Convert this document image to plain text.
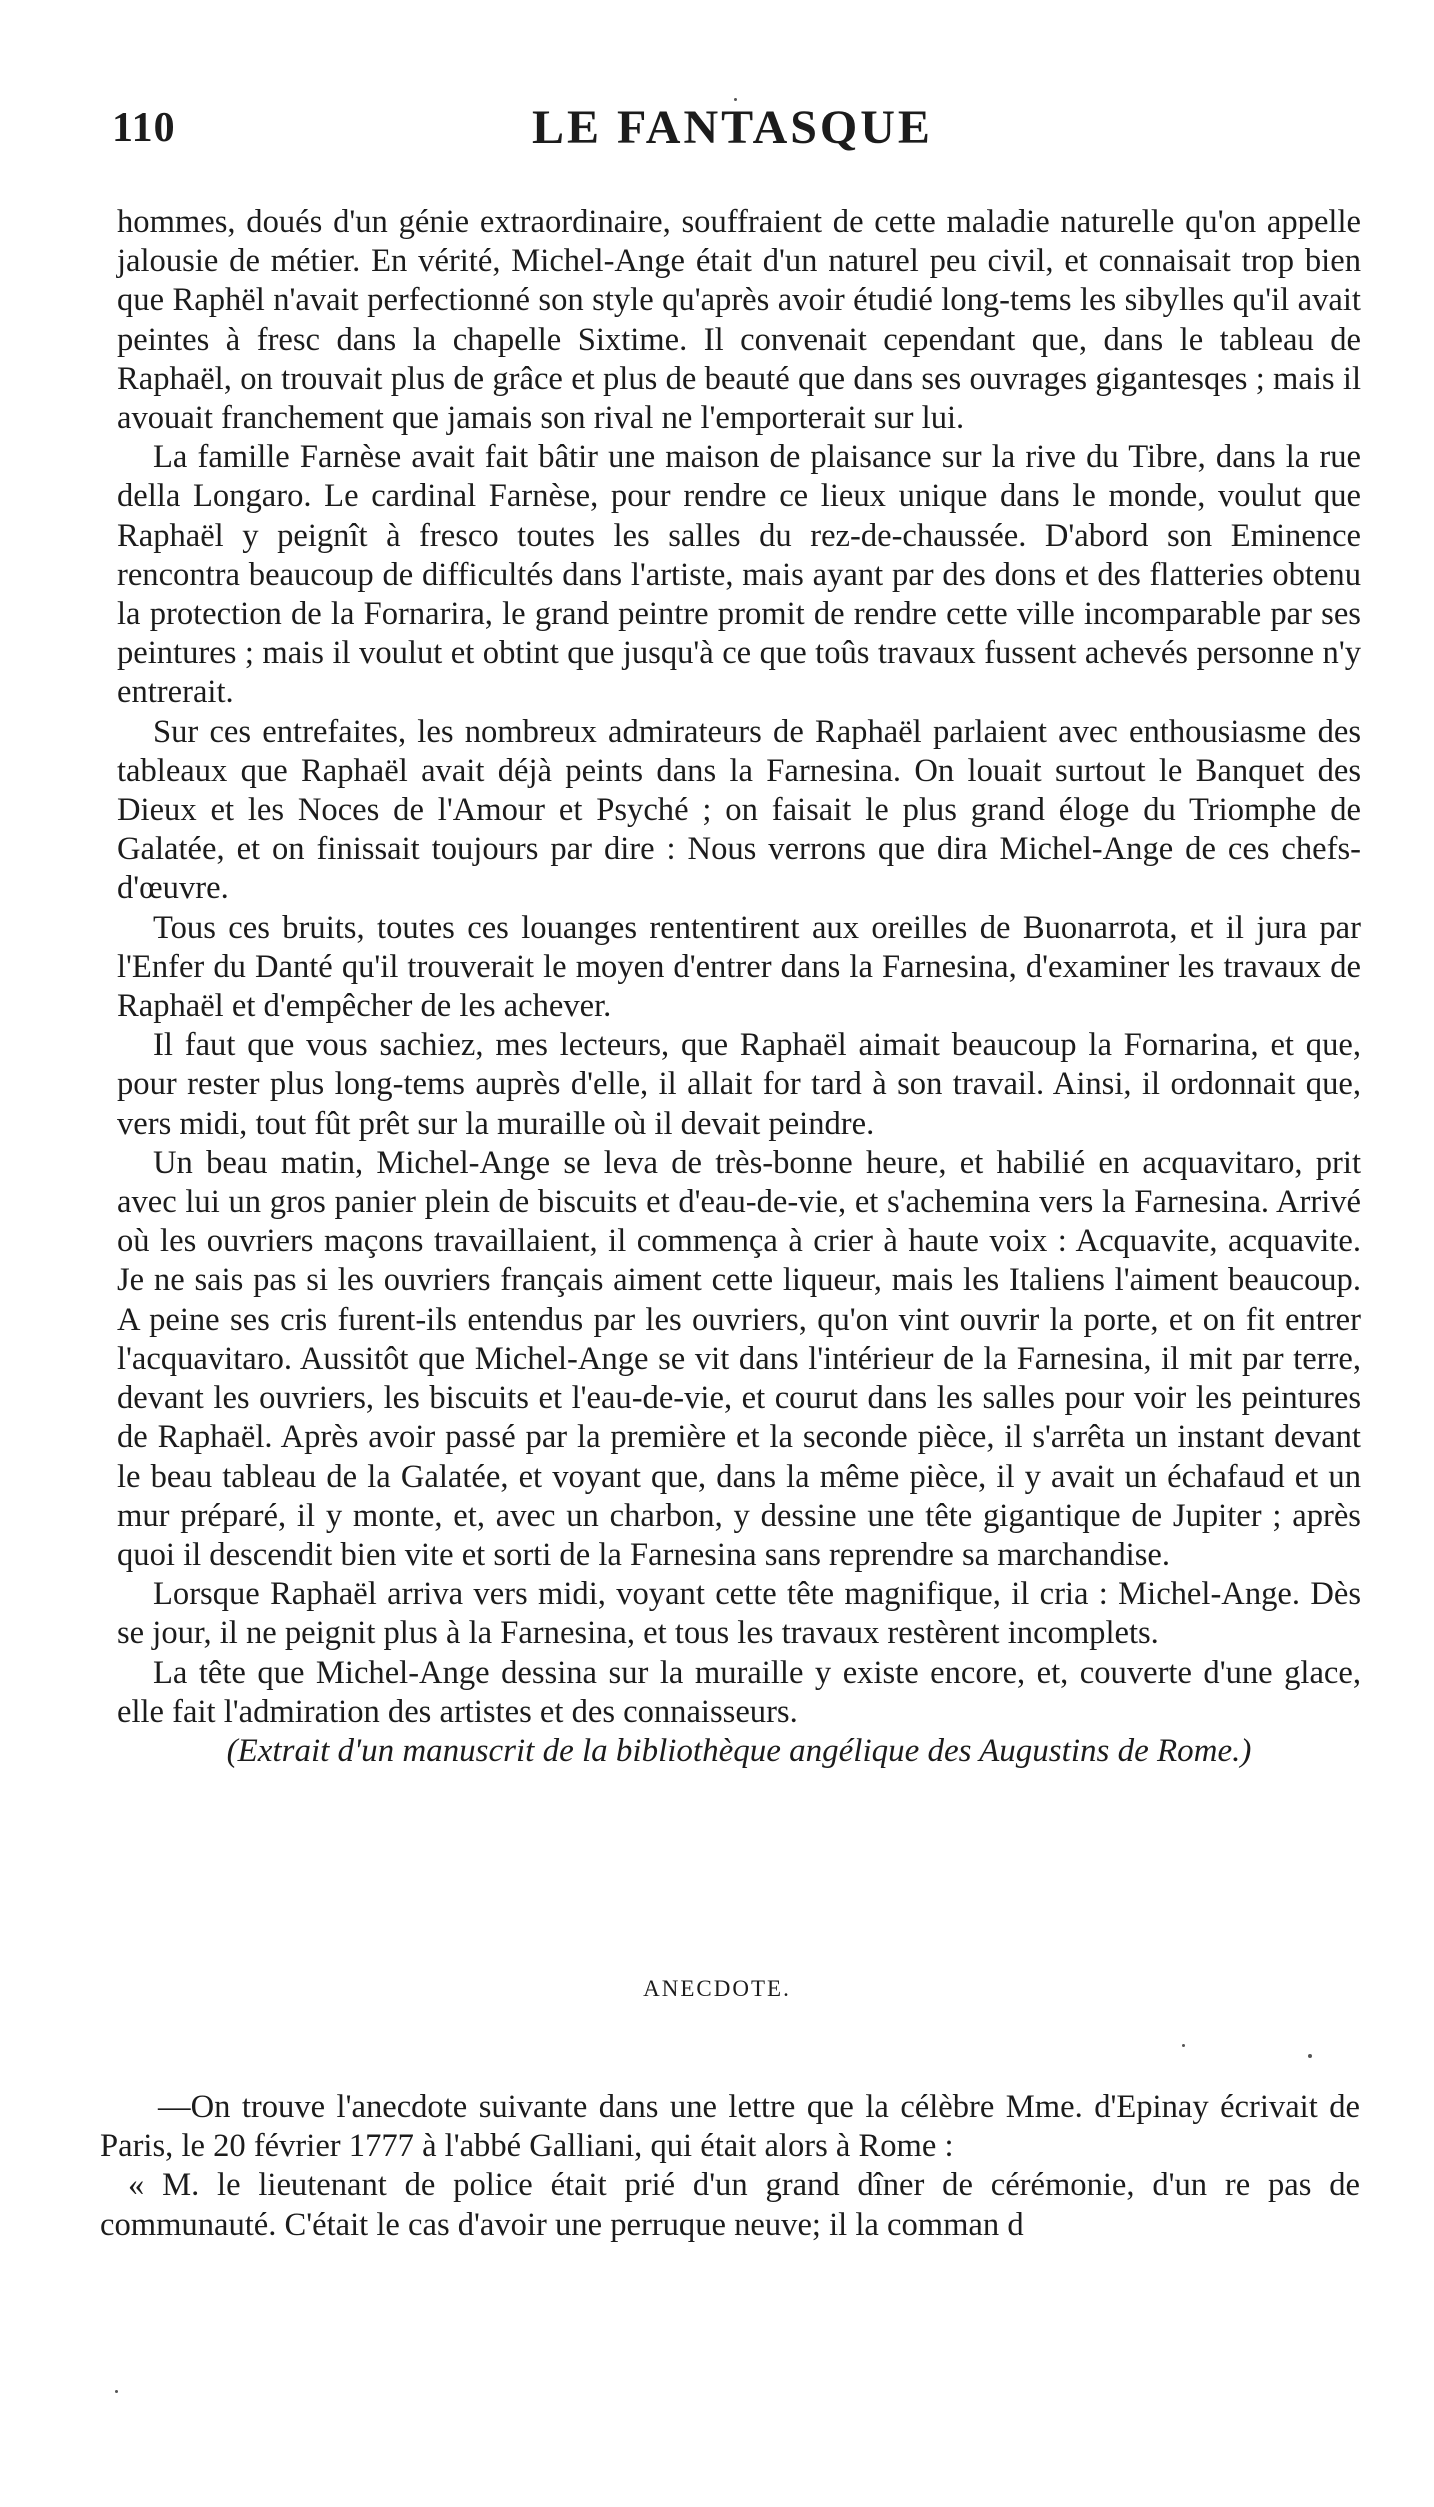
110	LE FANTASQUE

hommes, doués d'un génie extraordinaire, souffraient de cette maladie naturelle qu'on appelle jalousie de métier. En vérité, Michel-Ange était d'un naturel peu civil, et connaisait trop bien que Raphël n'avait perfectionné son style qu'après avoir étudié long-tems les sibylles qu'il avait peintes à fresc dans la chapelle Sixtime. Il convenait cependant que, dans le tableau de Raphaël, on trouvait plus de grâce et plus de beauté que dans ses ouvrages gigantesqes ; mais il avouait franchement que jamais son rival ne l'emporterait sur lui.

La famille Farnèse avait fait bâtir une maison de plaisance sur la rive du Tibre, dans la rue della Longaro. Le cardinal Farnèse, pour rendre ce lieux unique dans le monde, voulut que Raphaël y peignît à fresco toutes les salles du rez-de-chaussée. D'abord son Eminence rencontra beaucoup de difficultés dans l'artiste, mais ayant par des dons et des flatteries obtenu la protection de la Fornarira, le grand peintre promit de rendre cette ville incomparable par ses peintures ; mais il voulut et obtint que jusqu'à ce que toûs travaux fussent achevés personne n'y entrerait.

Sur ces entrefaites, les nombreux admirateurs de Raphaël parlaient avec enthousiasme des tableaux que Raphaël avait déjà peints dans la Farnesina. On louait surtout le Banquet des Dieux et les Noces de l'Amour et Psyché ; on faisait le plus grand éloge du Triomphe de Galatée, et on finissait toujours par dire : Nous verrons que dira Michel-Ange de ces chefs-d'œuvre.

Tous ces bruits, toutes ces louanges rententirent aux oreilles de Buonarrota, et il jura par l'Enfer du Danté qu'il trouverait le moyen d'entrer dans la Farnesina, d'examiner les travaux de Raphaël et d'empêcher de les achever.

Il faut que vous sachiez, mes lecteurs, que Raphaël aimait beaucoup la Fornarina, et que, pour rester plus long-tems auprès d'elle, il allait for tard à son travail. Ainsi, il ordonnait que, vers midi, tout fût prêt sur la muraille où il devait peindre.

Un beau matin, Michel-Ange se leva de très-bonne heure, et habilié en acquavitaro, prit avec lui un gros panier plein de biscuits et d'eau-de-vie, et s'achemina vers la Farnesina. Arrivé où les ouvriers maçons travaillaient, il commença à crier à haute voix : Acquavite, acquavite. Je ne sais pas si les ouvriers français aiment cette liqueur, mais les Italiens l'aiment beaucoup. A peine ses cris furent-ils entendus par les ouvriers, qu'on vint ouvrir la porte, et on fit entrer l'acquavitaro. Aussitôt que Michel-Ange se vit dans l'intérieur de la Farnesina, il mit par terre, devant les ouvriers, les biscuits et l'eau-de-vie, et courut dans les salles pour voir les peintures de Raphaël. Après avoir passé par la première et la seconde pièce, il s'arrêta un instant devant le beau tableau de la Galatée, et voyant que, dans la même pièce, il y avait un échafaud et un mur préparé, il y monte, et, avec un charbon, y dessine une tête gigantique de Jupiter ; après quoi il descendit bien vite et sorti de la Farnesina sans reprendre sa marchandise.

Lorsque Raphaël arriva vers midi, voyant cette tête magnifique, il cria : Michel-Ange. Dès se jour, il ne peignit plus à la Farnesina, et tous les travaux restèrent incomplets.

La tête que Michel-Ange dessina sur la muraille y existe encore, et, couverte d'une glace, elle fait l'admiration des artistes et des connaisseurs.

(Extrait d'un manuscrit de la bibliothèque angélique des Augustins de Rome.)

ANECDOTE.

—On trouve l'anecdote suivante dans une lettre que la célèbre Mme. d'Epinay écrivait de Paris, le 20 février 1777 à l'abbé Galliani, qui était alors à Rome :

« M. le lieutenant de police était prié d'un grand dîner de cérémonie, d'un re pas de communauté. C'était le cas d'avoir une perruque neuve; il la comman d
